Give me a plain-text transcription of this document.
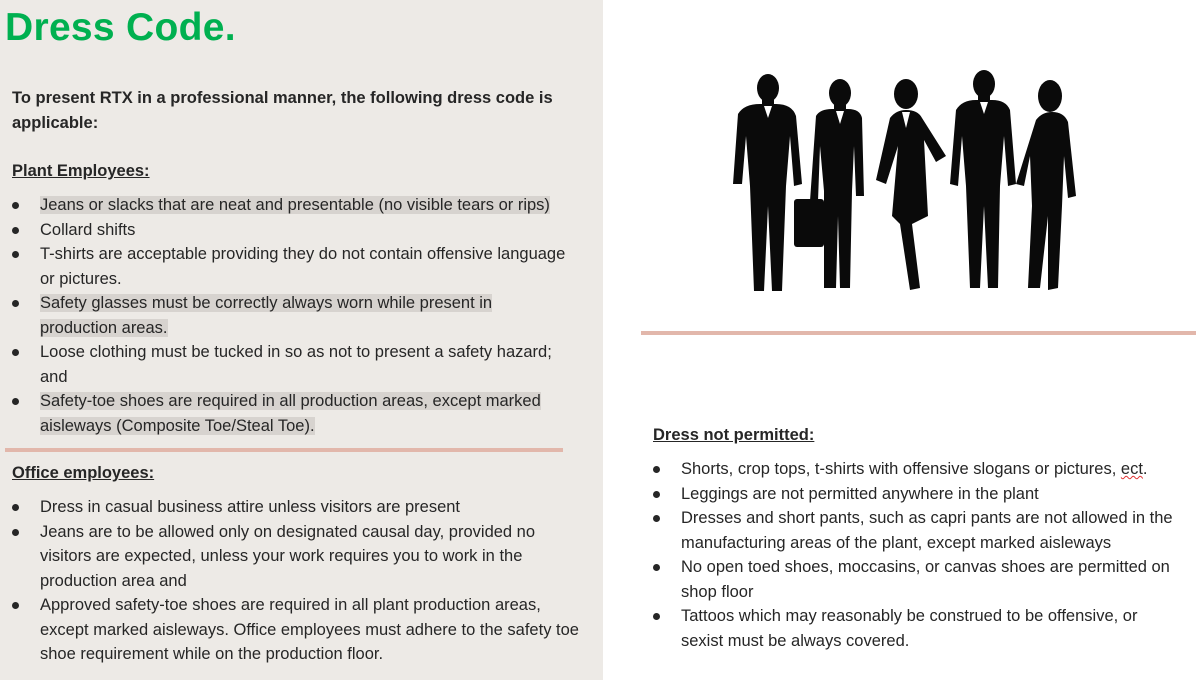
Dress Code.

To present RTX in a professional manner, the following dress code is applicable:

Plant Employees:
Jeans or slacks that are neat and presentable (no visible tears or rips)
Collard shifts
T-shirts are acceptable providing they do not contain offensive language or pictures.
Safety glasses must be correctly always worn while present in production areas.
Loose clothing must be tucked in so as not to present a safety hazard; and
Safety-toe shoes are required in all production areas, except marked aisleways (Composite Toe/Steal Toe).
Office employees:
Dress in casual business attire unless visitors are present
Jeans are to be allowed only on designated causal day, provided no visitors are expected, unless your work requires you to work in the production area and
Approved safety-toe shoes are required in all plant production areas, except marked aisleways. Office employees must adhere to the safety toe shoe requirement while on the production floor.
Dress not permitted:
Shorts, crop tops, t-shirts with offensive slogans or pictures, ect.
Leggings are not permitted anywhere in the plant
Dresses and short pants, such as capri pants are not allowed in the manufacturing areas of the plant, except marked aisleways
No open toed shoes, moccasins, or canvas shoes are permitted on shop floor
Tattoos which may reasonably be construed to be offensive, or sexist must be always covered.
